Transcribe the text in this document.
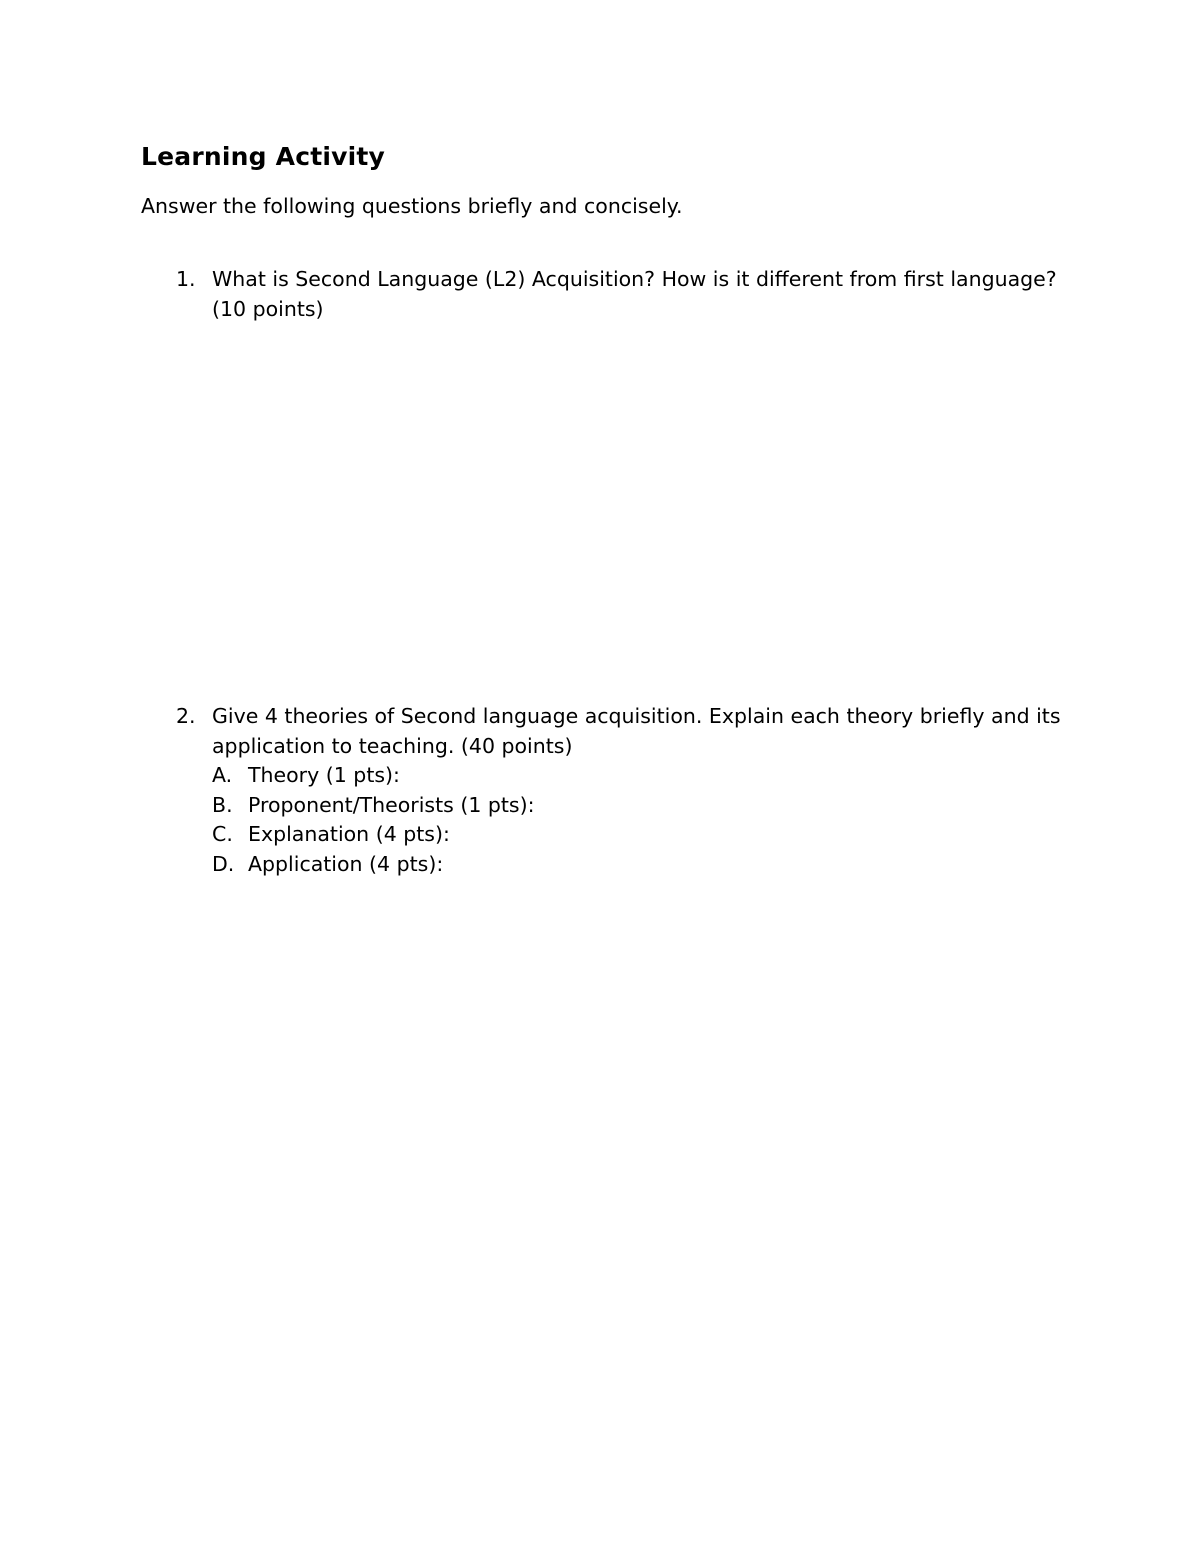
Learning Activity

Answer the following questions briefly and concisely.

1. What is Second Language (L2) Acquisition? How is it different from first language? (10 points)

2. Give 4 theories of Second language acquisition. Explain each theory briefly and its application to teaching. (40 points)

A. Theory (1 pts):
B. Proponent/Theorists (1 pts):
C. Explanation (4 pts):
D. Application (4 pts):
